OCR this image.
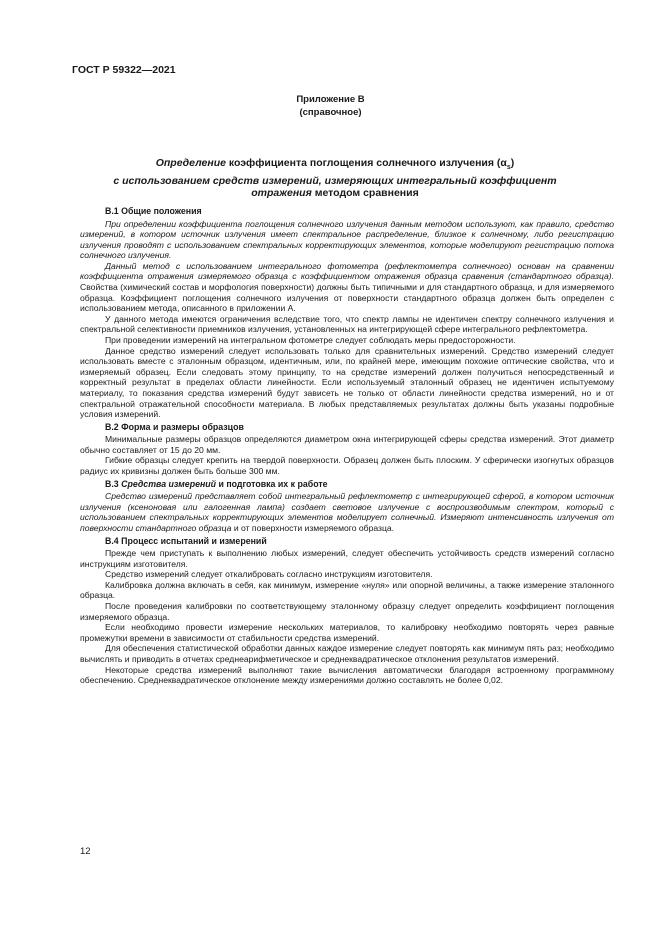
ГОСТ Р 59322—2021
Приложение В
(справочное)
Определение коэффициента поглощения солнечного излучения $(\alpha_s)$
с использованием средств измерений, измеряющих интегральный коэффициент
отражения методом сравнения
В.1 Общие положения

При определении коэффициента поглощения солнечного излучения данным методом используют, как правило, средство измерений, в котором источник излучения имеет спектральное распределение, близкое к солнечному, либо регистрацию излучения проводят с использованием спектральных корректирующих элементов, которые моделируют регистрацию потока солнечного излучения.

Данный метод с использованием интегрального фотометра (рефлектометра солнечного) основан на сравнении коэффициента отражения измеряемого образца с коэффициентом отражения образца сравнения (стандартного образца). Свойства (химический состав и морфология поверхности) должны быть типичными и для стандартного образца, и для измеряемого образца. Коэффициент поглощения солнечного излучения от поверхности стандартного образца должен быть определен с использованием метода, описанного в приложении А.

У данного метода имеются ограничения вследствие того, что спектр лампы не идентичен спектру солнечного излучения и спектральной селективности приемников излучения, установленных на интегрирующей сфере интегрального рефлектометра.

При проведении измерений на интегральном фотометре следует соблюдать меры предосторожности.

Данное средство измерений следует использовать только для сравнительных измерений. Средство измерений следует использовать вместе с эталонным образцом, идентичным, или, по крайней мере, имеющим похожие оптические свойства, что и измеряемый образец. Если следовать этому принципу, то на средстве измерений должен получиться непосредственный и корректный результат в пределах области линейности. Если используемый эталонный образец не идентичен испытуемому материалу, то показания средства измерений будут зависеть не только от области линейности средства измерений, но и от спектральной отражательной способности материала. В любых представляемых результатах должны быть указаны подробные условия измерений.

В.2 Форма и размеры образцов

Минимальные размеры образцов определяются диаметром окна интегрирующей сферы средства измерений. Этот диаметр обычно составляет от 15 до 20 мм.

Гибкие образцы следует крепить на твердой поверхности. Образец должен быть плоским. У сферически изогнутых образцов радиус их кривизны должен быть больше 300 мм.

В.3 Средства измерений и подготовка их к работе

Средство измерений представляет собой интегральный рефлектометр с интегрирующей сферой, в котором источник излучения (ксеноновая или галогенная лампа) создает световое излучение с воспроизводимым спектром, который с использованием спектральных корректирующих элементов моделирует солнечный. Измеряют интенсивность излучения от поверхности стандартного образца и от поверхности измеряемого образца.

В.4 Процесс испытаний и измерений

Прежде чем приступать к выполнению любых измерений, следует обеспечить устойчивость средств измерений согласно инструкциям изготовителя.

Средство измерений следует откалибровать согласно инструкциям изготовителя.

Калибровка должна включать в себя, как минимум, измерение «нуля» или опорной величины, а также измерение эталонного образца.

После проведения калибровки по соответствующему эталонному образцу следует определить коэффициент поглощения измеряемого образца.

Если необходимо провести измерение нескольких материалов, то калибровку необходимо повторять через равные промежутки времени в зависимости от стабильности средства измерений.

Для обеспечения статистической обработки данных каждое измерение следует повторять как минимум пять раз; необходимо вычислять и приводить в отчетах среднеарифметическое и среднеквадратическое отклонения результатов измерений.

Некоторые средства измерений выполняют такие вычисления автоматически благодаря встроенному программному обеспечению. Среднеквадратическое отклонение между измерениями должно составлять не более 0,02.

12
